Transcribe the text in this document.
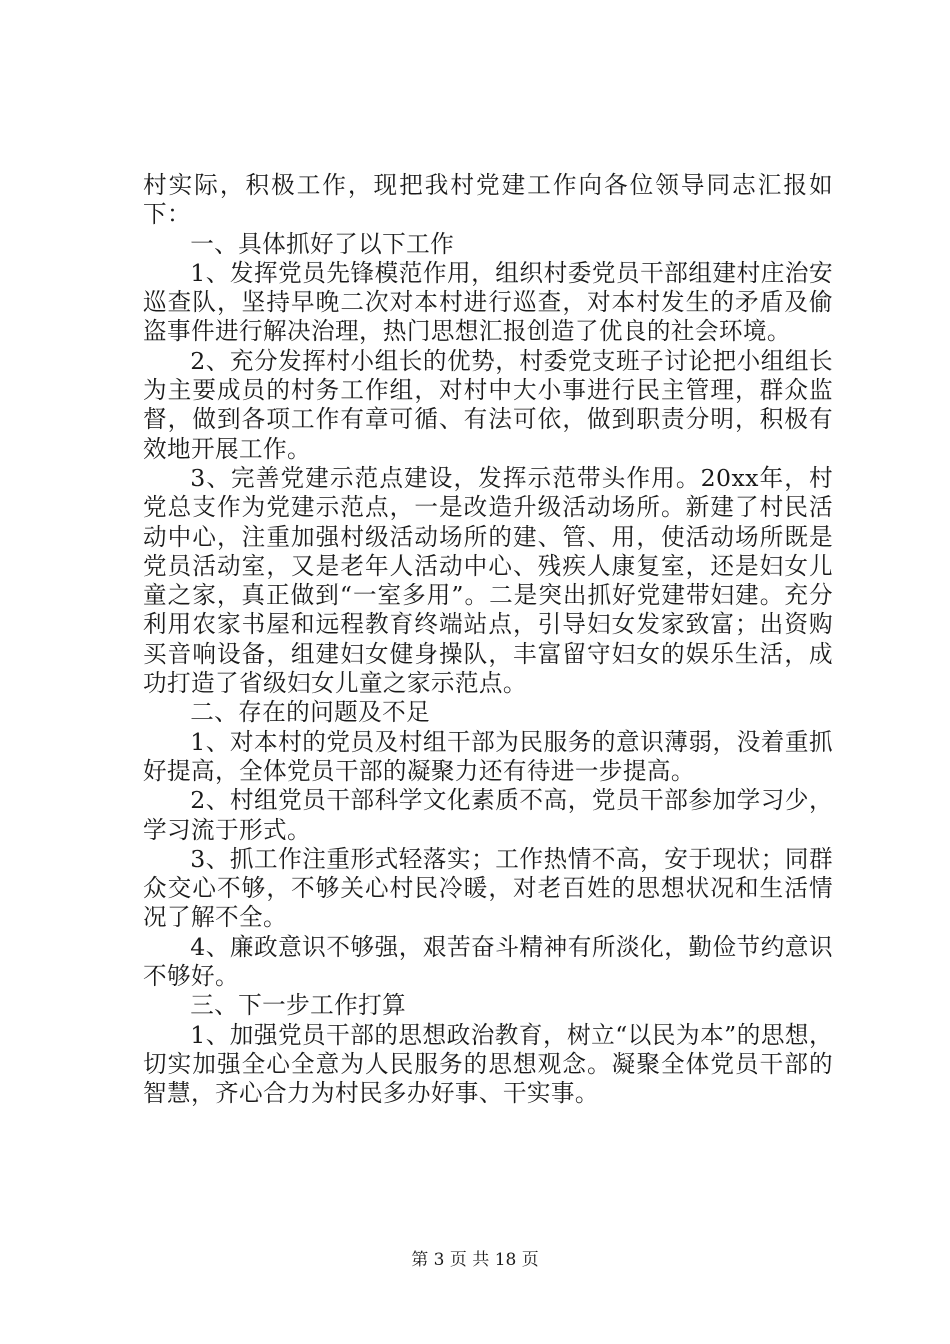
村实际，积极工作，现把我村党建工作向各位领导同志汇报如下：

一、具体抓好了以下工作

1、发挥党员先锋模范作用，组织村委党员干部组建村庄治安巡查队，坚持早晚二次对本村进行巡查，对本村发生的矛盾及偷盗事件进行解决治理，热门思想汇报创造了优良的社会环境。

2、充分发挥村小组长的优势，村委党支班子讨论把小组组长为主要成员的村务工作组，对村中大小事进行民主管理，群众监督，做到各项工作有章可循、有法可依，做到职责分明，积极有效地开展工作。

3、完善党建示范点建设，发挥示范带头作用。20xx年，村党总支作为党建示范点，一是改造升级活动场所。新建了村民活动中心，注重加强村级活动场所的建、管、用，使活动场所既是党员活动室，又是老年人活动中心、残疾人康复室，还是妇女儿童之家，真正做到“一室多用”。二是突出抓好党建带妇建。充分利用农家书屋和远程教育终端站点，引导妇女发家致富；出资购买音响设备，组建妇女健身操队，丰富留守妇女的娱乐生活，成功打造了省级妇女儿童之家示范点。

二、存在的问题及不足

1、对本村的党员及村组干部为民服务的意识薄弱，没着重抓好提高，全体党员干部的凝聚力还有待进一步提高。

2、村组党员干部科学文化素质不高，党员干部参加学习少，学习流于形式。

3、抓工作注重形式轻落实；工作热情不高，安于现状；同群众交心不够，不够关心村民冷暖，对老百姓的思想状况和生活情况了解不全。

4、廉政意识不够强，艰苦奋斗精神有所淡化，勤俭节约意识不够好。

三、下一步工作打算

1、加强党员干部的思想政治教育，树立“以民为本”的思想，切实加强全心全意为人民服务的思想观念。凝聚全体党员干部的智慧，齐心合力为村民多办好事、干实事。

第 3 页 共 18 页
